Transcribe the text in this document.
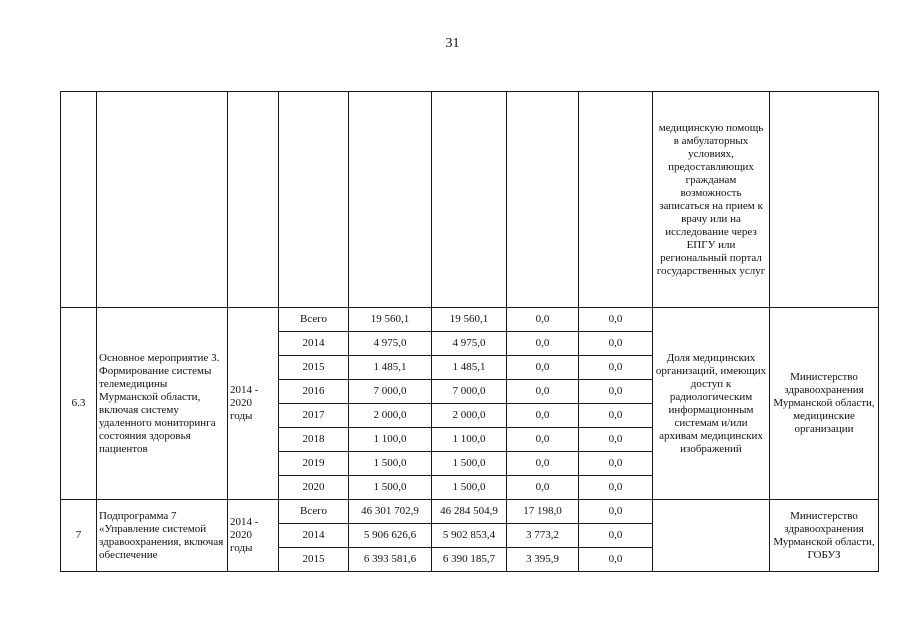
31
								медицинскую помощь в амбулаторных условиях, предоставляющих гражданам возможность записаться на прием к врачу или на исследование через ЕПГУ или региональный портал государственных услуг	
6.3	Основное мероприятие 3. Формирование системы телемедицины Мурманской области, включая систему удаленного мониторинга состояния здоровья пациентов	2014 - 2020 годы	Всего	19 560,1	19 560,1	0,0	0,0	Доля медицинских организаций, имеющих доступ к радиологическим информационным системам и/или архивам медицинских изображений	Министерство здравоохранения Мурманской области, медицинские организации
			2014	4 975,0	4 975,0	0,0	0,0		
			2015	1 485,1	1 485,1	0,0	0,0		
			2016	7 000,0	7 000,0	0,0	0,0		
			2017	2 000,0	2 000,0	0,0	0,0		
			2018	1 100,0	1 100,0	0,0	0,0		
			2019	1 500,0	1 500,0	0,0	0,0		
			2020	1 500,0	1 500,0	0,0	0,0		
7	Подпрограмма 7 «Управление системой здравоохранения, включая обеспечение	2014 - 2020 годы	Всего	46 301 702,9	46 284 504,9	17 198,0	0,0		Министерство здравоохранения Мурманской области, ГОБУЗ
			2014	5 906 626,6	5 902 853,4	3 773,2	0,0		
			2015	6 393 581,6	6 390 185,7	3 395,9	0,0		
